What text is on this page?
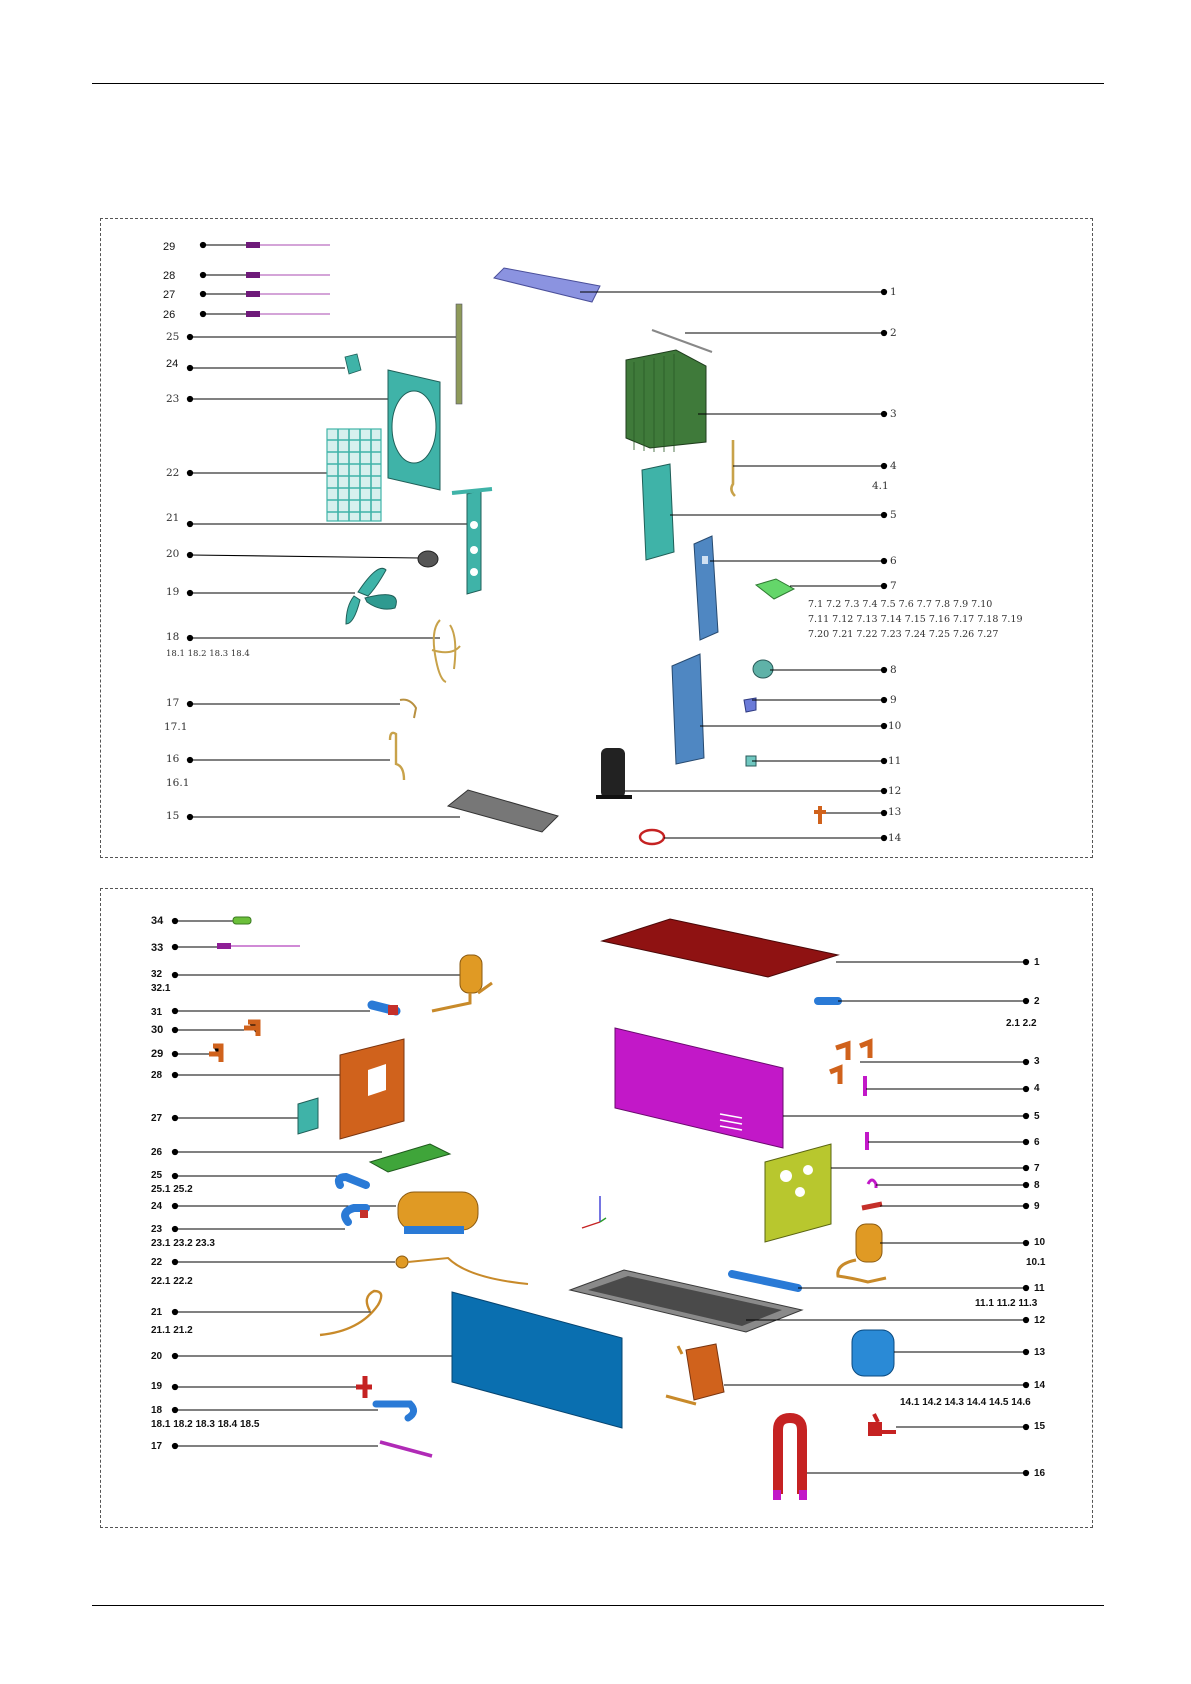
29
28
27
26
25
24
23
22
21
20
19
18
18.1 18.2 18.3 18.4
17
17.1
16
16.1
15
1
2
3
4
4.1
5
6
7
7.1 7.2 7.3 7.4 7.5 7.6 7.7 7.8 7.9 7.10
7.11 7.12 7.13 7.14 7.15 7.16 7.17 7.18 7.19
7.20 7.21 7.22 7.23 7.24 7.25 7.26 7.27
8
9
10
11
12
13
14
34
33
32
32.1
31
30
29
28
27
26
25
25.1 25.2
24
23
23.1 23.2 23.3
22
22.1 22.2
21
21.1 21.2
20
19
18
18.1 18.2 18.3 18.4 18.5
17
1
2
2.1 2.2
3
4
5
6
7
8
9
10
10.1
11
11.1 11.2 11.3
12
13
14
14.1 14.2 14.3 14.4 14.5 14.6
15
16
